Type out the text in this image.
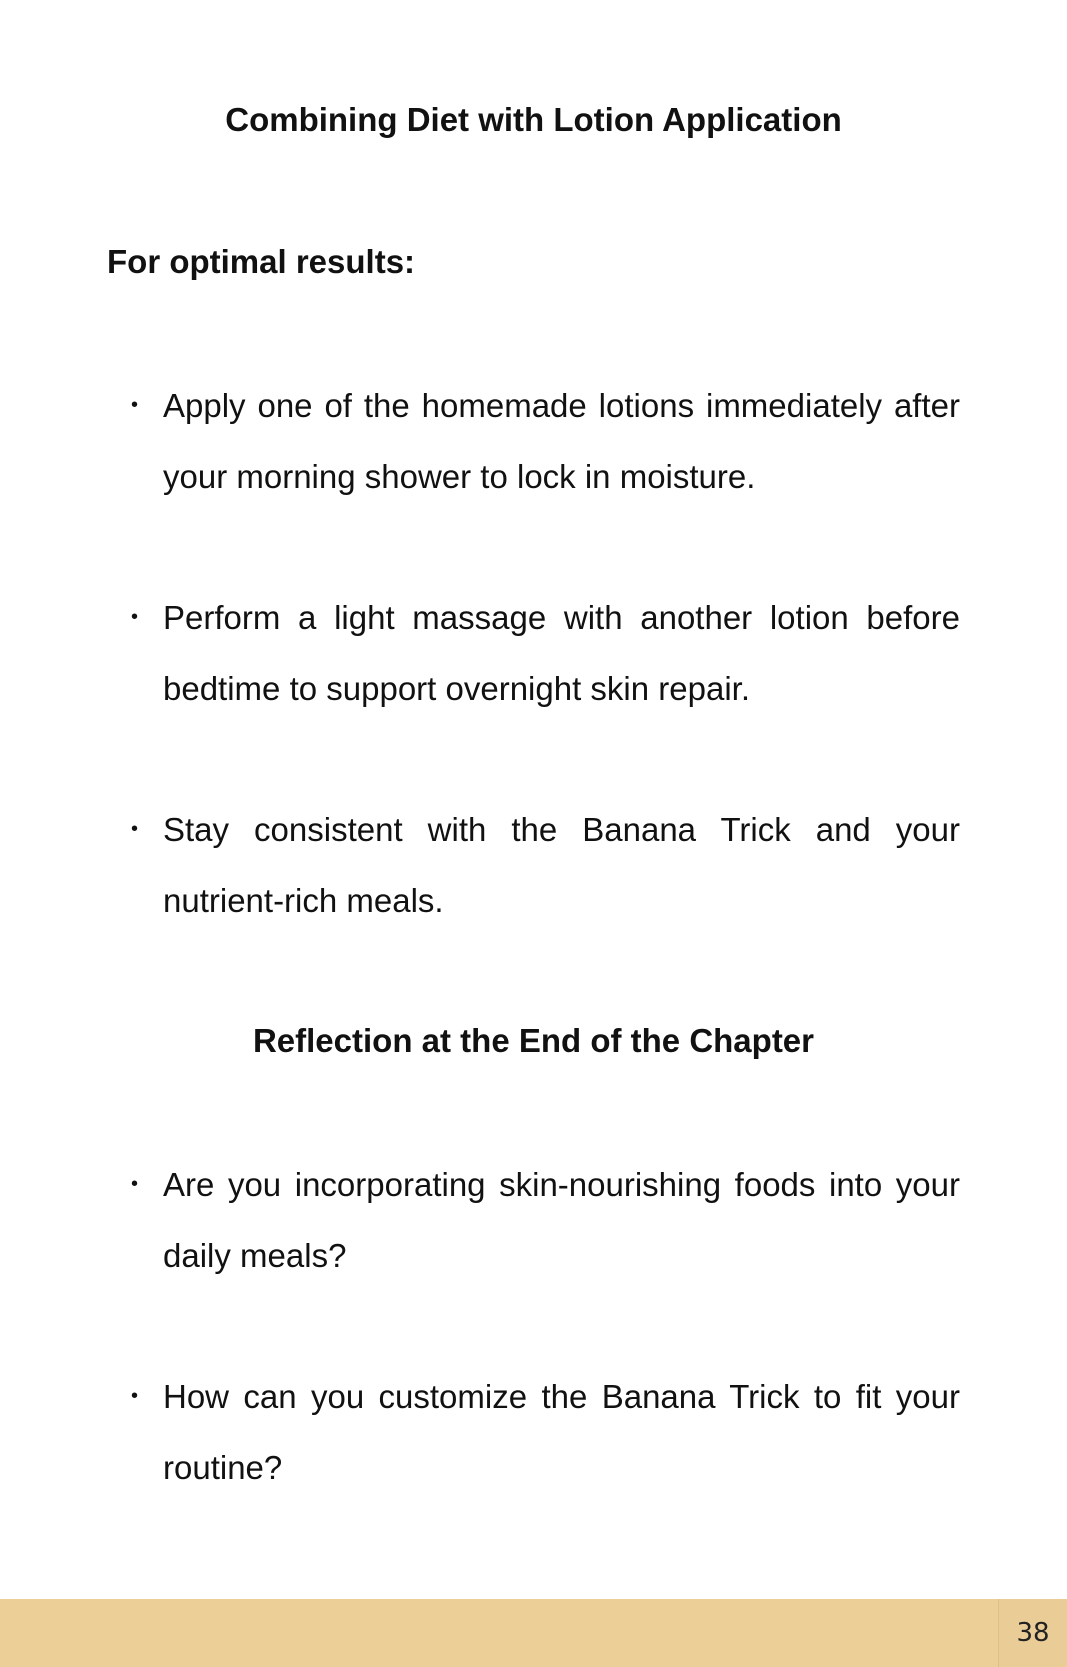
Combining Diet with Lotion Application

For optimal results:

• Apply one of the homemade lotions immediately after your morning shower to lock in moisture.

• Perform a light massage with another lotion before bedtime to support overnight skin repair.

• Stay consistent with the Banana Trick and your nutrient-rich meals.

Reflection at the End of the Chapter

• Are you incorporating skin-nourishing foods into your daily meals?

• How can you customize the Banana Trick to fit your routine?

38
